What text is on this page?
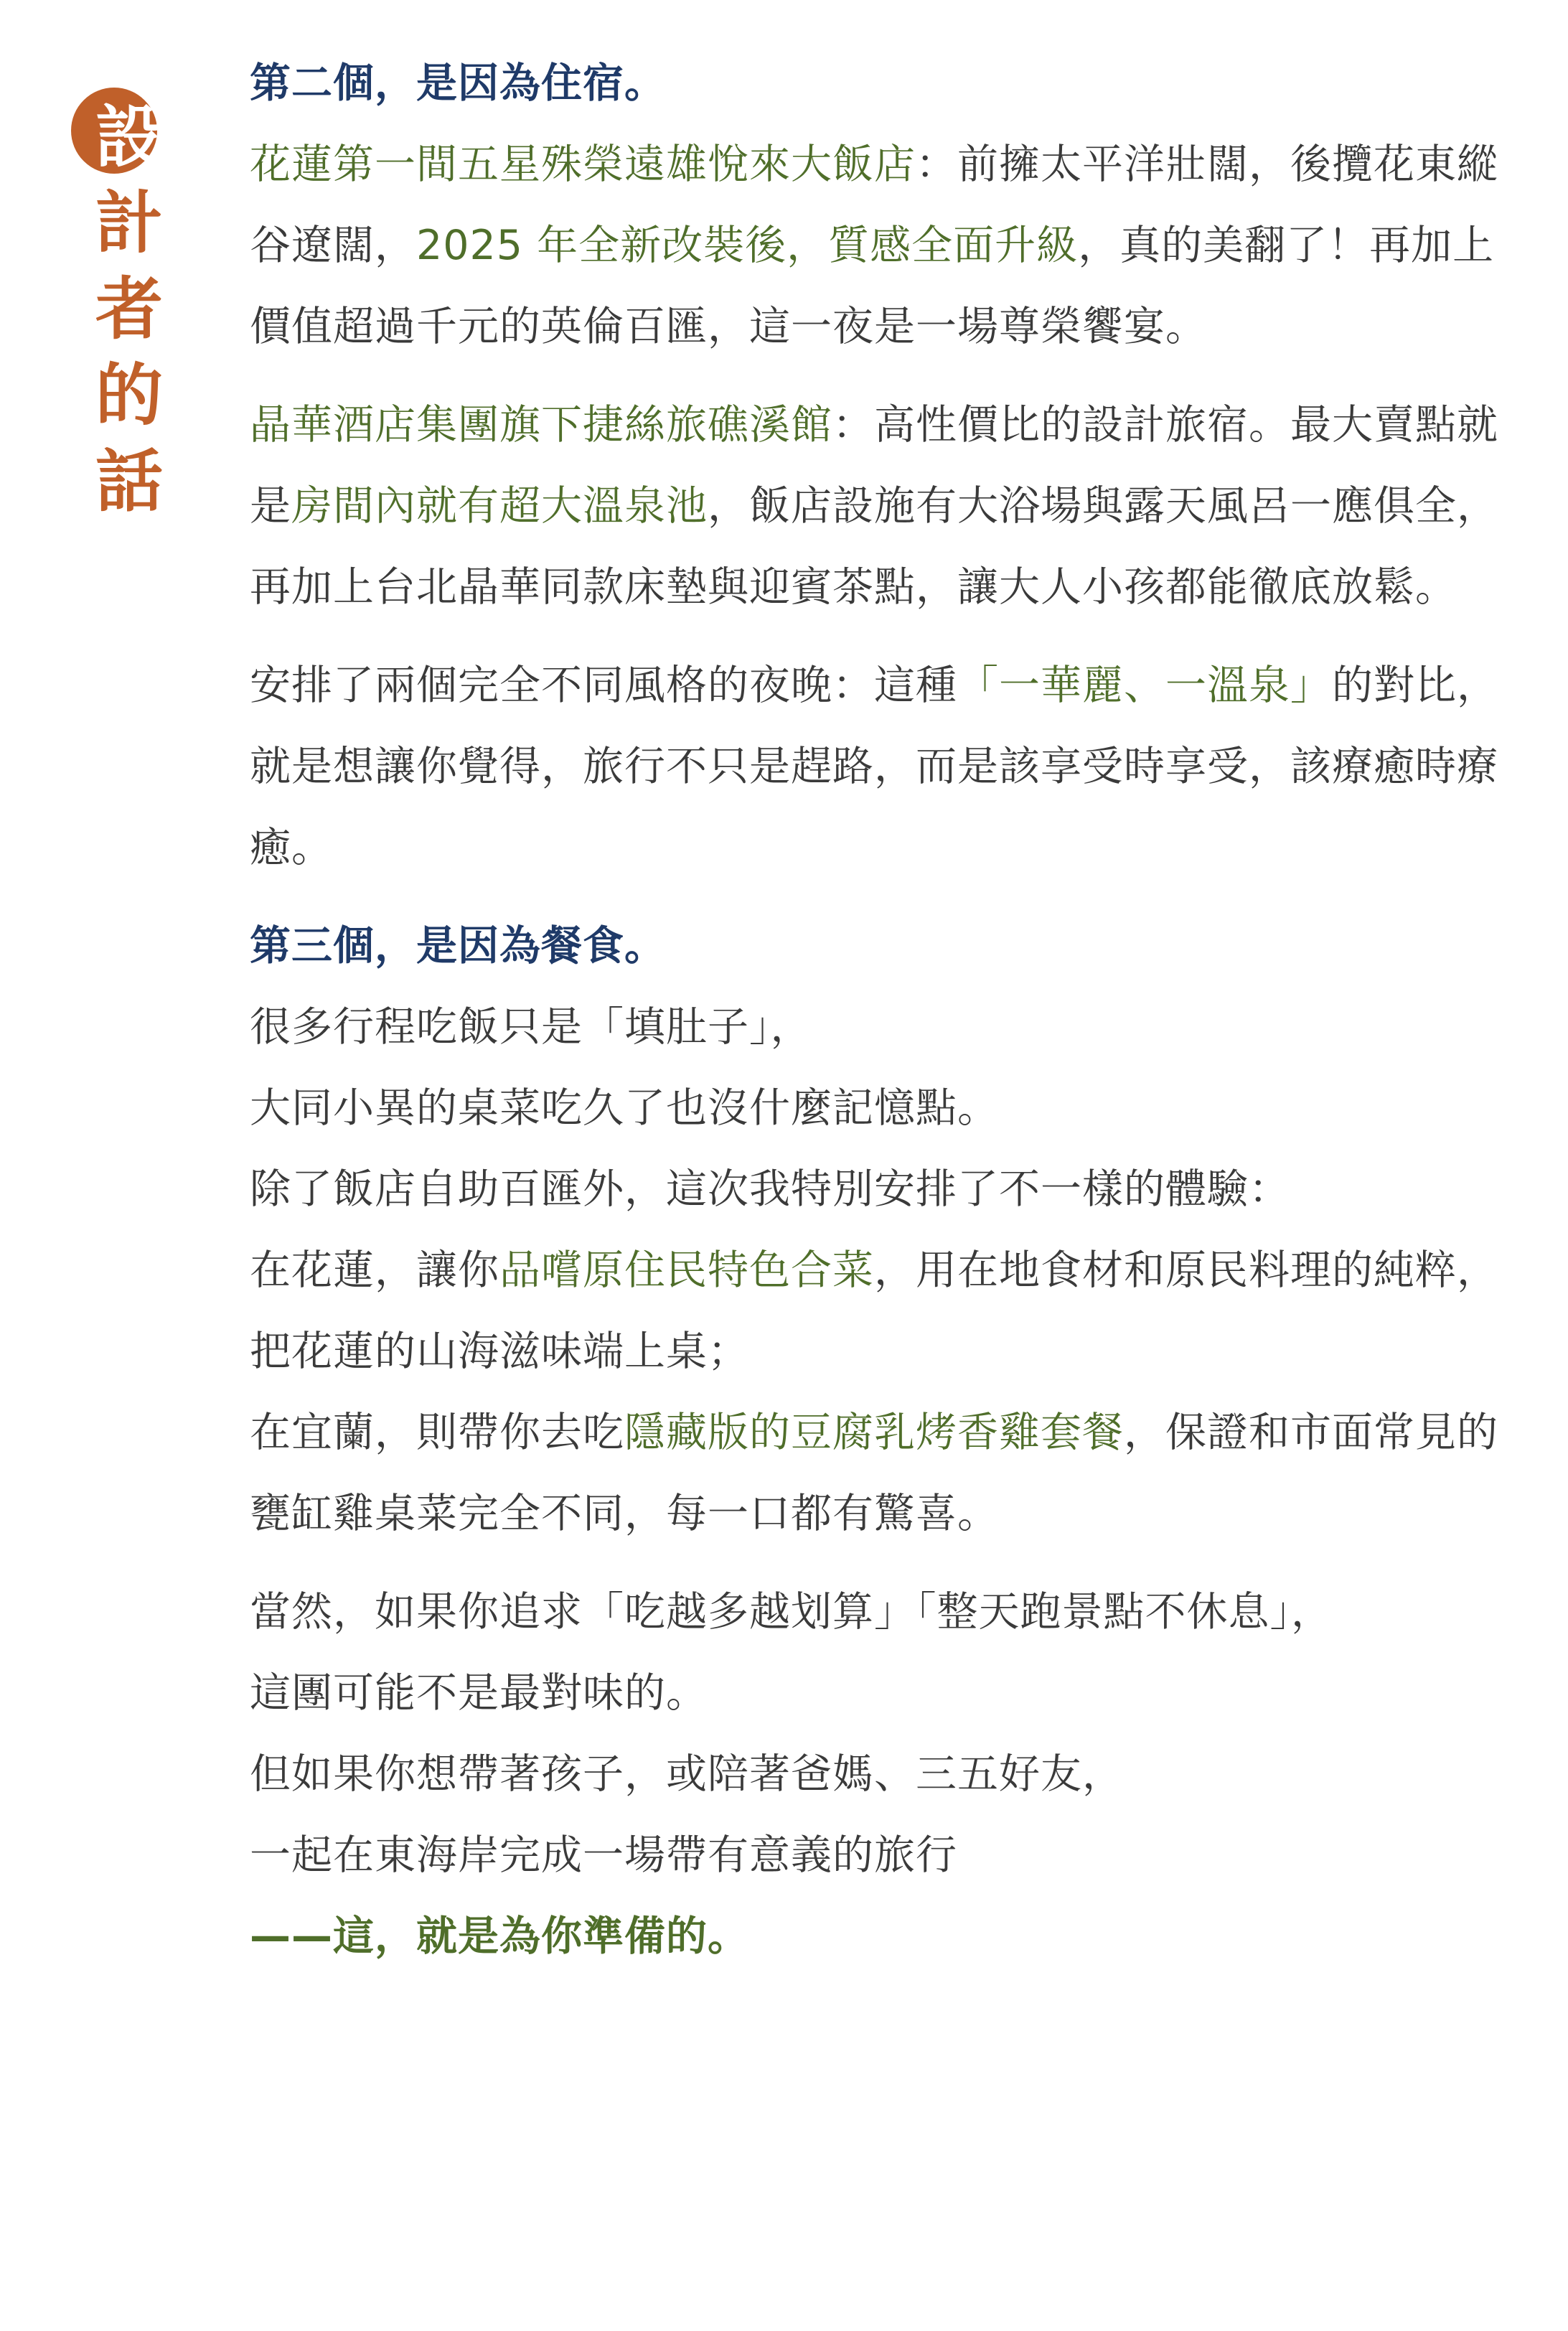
設
計
者
的
話
第二個，是因為住宿。

花蓮第一間五星殊榮遠雄悅來大飯店：前擁太平洋壯闊，後攬花東縱谷遼闊，2025 年全新改裝後，質感全面升級，真的美翻了！再加上價值超過千元的英倫百匯，這一夜是一場尊榮饗宴。

晶華酒店集團旗下捷絲旅礁溪館：高性價比的設計旅宿。最大賣點就是房間內就有超大溫泉池，飯店設施有大浴場與露天風呂一應俱全，再加上台北晶華同款床墊與迎賓茶點，讓大人小孩都能徹底放鬆。

安排了兩個完全不同風格的夜晚：這種「一華麗、一溫泉」的對比，就是想讓你覺得，旅行不只是趕路，而是該享受時享受，該療癒時療癒。

第三個，是因為餐食。
很多行程吃飯只是「填肚子」，
大同小異的桌菜吃久了也沒什麼記憶點。
除了飯店自助百匯外，這次我特別安排了不一樣的體驗：

在花蓮，讓你品嚐原住民特色合菜，用在地食材和原民料理的純粹，把花蓮的山海滋味端上桌；

在宜蘭，則帶你去吃隱藏版的豆腐乳烤香雞套餐，保證和市面常見的甕缸雞桌菜完全不同，每一口都有驚喜。

當然，如果你追求「吃越多越划算」「整天跑景點不休息」，
這團可能不是最對味的。
但如果你想帶著孩子，或陪著爸媽、三五好友，
一起在東海岸完成一場帶有意義的旅行
——這，就是為你準備的。
